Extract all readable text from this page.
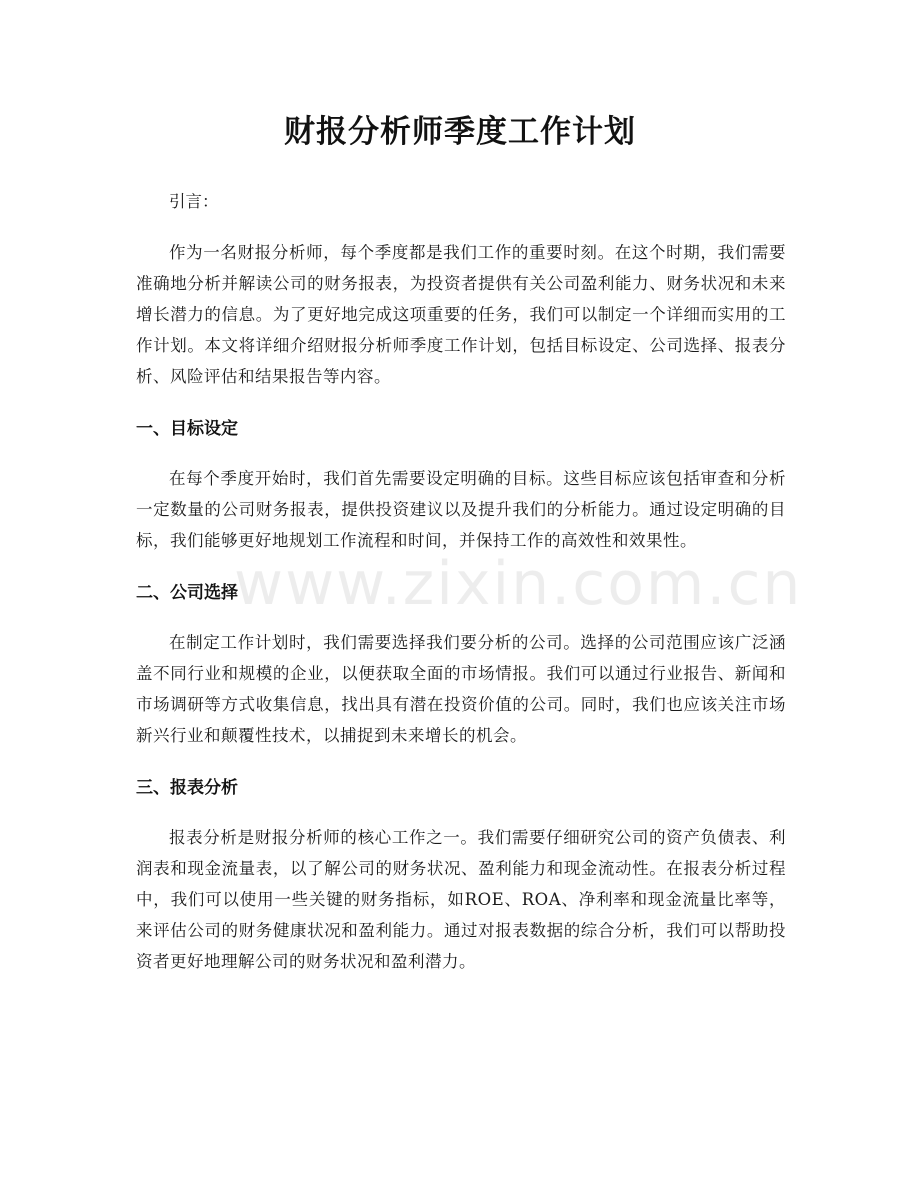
www.zixin.com.cn
财报分析师季度工作计划

引言：

作为一名财报分析师，每个季度都是我们工作的重要时刻。在这个时期，我们需要准确地分析并解读公司的财务报表，为投资者提供有关公司盈利能力、财务状况和未来增长潜力的信息。为了更好地完成这项重要的任务，我们可以制定一个详细而实用的工作计划。本文将详细介绍财报分析师季度工作计划，包括目标设定、公司选择、报表分析、风险评估和结果报告等内容。

一、目标设定

在每个季度开始时，我们首先需要设定明确的目标。这些目标应该包括审查和分析一定数量的公司财务报表，提供投资建议以及提升我们的分析能力。通过设定明确的目标，我们能够更好地规划工作流程和时间，并保持工作的高效性和效果性。

二、公司选择

在制定工作计划时，我们需要选择我们要分析的公司。选择的公司范围应该广泛涵盖不同行业和规模的企业，以便获取全面的市场情报。我们可以通过行业报告、新闻和市场调研等方式收集信息，找出具有潜在投资价值的公司。同时，我们也应该关注市场新兴行业和颠覆性技术，以捕捉到未来增长的机会。

三、报表分析

报表分析是财报分析师的核心工作之一。我们需要仔细研究公司的资产负债表、利润表和现金流量表，以了解公司的财务状况、盈利能力和现金流动性。在报表分析过程中，我们可以使用一些关键的财务指标，如ROE、ROA、净利率和现金流量比率等，来评估公司的财务健康状况和盈利能力。通过对报表数据的综合分析，我们可以帮助投资者更好地理解公司的财务状况和盈利潜力。
